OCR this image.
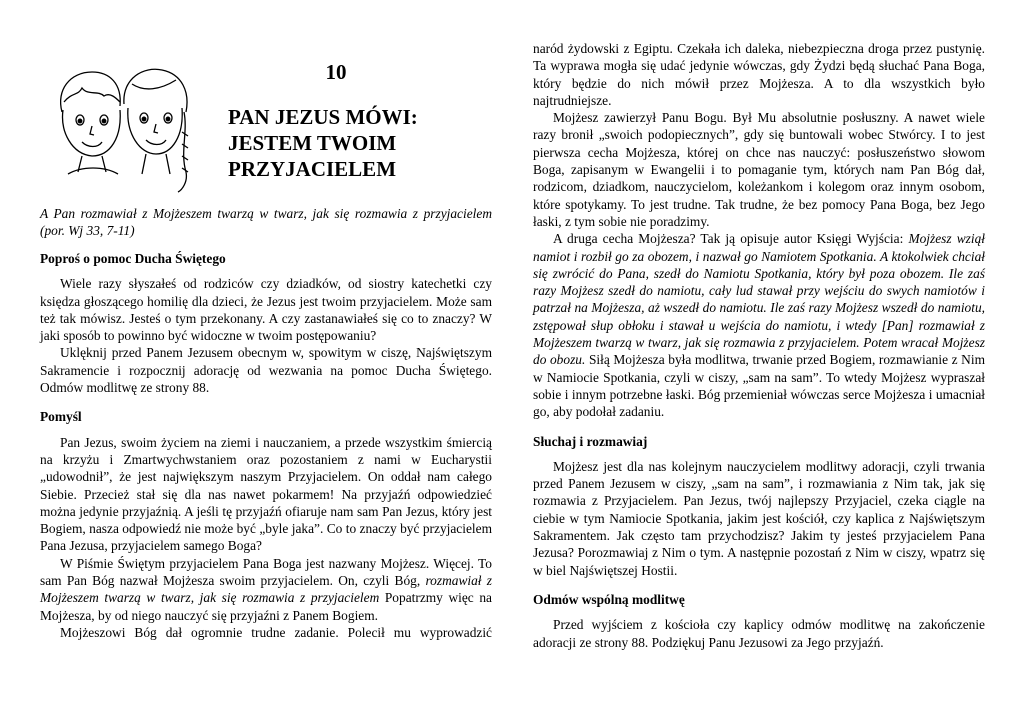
10
PAN JEZUS MÓWI:
JESTEM TWOIM
PRZYJACIELEM
A Pan rozmawiał z Mojżeszem twarzą w twarz, jak się rozmawia z przyjacielem (por. Wj 33, 7-11)
Poproś o pomoc Ducha Świętego

Wiele razy słyszałeś od rodziców czy dziadków, od siostry katechetki czy księdza głoszącego homilię dla dzieci, że Jezus jest twoim przyjacielem. Może sam też tak mówisz. Jesteś o tym przekonany. A czy zastanawiałeś się co to znaczy? W jaki sposób to powinno być widoczne w twoim postępowaniu?

Uklęknij przed Panem Jezusem obecnym w, spowitym w ciszę, Najświętszym Sakramencie i rozpocznij adorację od wezwania na pomoc Ducha Świętego. Odmów modlitwę ze strony 88.

Pomyśl

Pan Jezus, swoim życiem na ziemi i nauczaniem, a przede wszystkim śmiercią na krzyżu i Zmartwychwstaniem oraz pozostaniem z nami w Eucharystii „udowodnił”, że jest największym naszym Przyjacielem. On oddał nam całego Siebie. Przecież stał się dla nas nawet pokarmem! Na przyjaźń odpowiedzieć można jedynie przyjaźnią. A jeśli tę przyjaźń ofiaruje nam sam Pan Jezus, który jest Bogiem, nasza odpowiedź nie może być „byle jaka”. Co to znaczy być przyjacielem Pana Jezusa, przyjacielem samego Boga?

W Piśmie Świętym przyjacielem Pana Boga jest nazwany Mojżesz. Więcej. To sam Pan Bóg nazwał Mojżesza swoim przyjacielem. On, czyli Bóg, rozmawiał z Mojżeszem twarzą w twarz, jak się rozmawia z przyjacielem Popatrzmy więc na Mojżesza, by od niego nauczyć się przyjaźni z Panem Bogiem.

Mojżeszowi Bóg dał ogromnie trudne zadanie. Polecił mu wyprowadzić

naród żydowski z Egiptu. Czekała ich daleka, niebezpieczna droga przez pustynię. Ta wyprawa mogła się udać jedynie wówczas, gdy Żydzi będą słuchać Pana Boga, który będzie do nich mówił przez Mojżesza. A to dla wszystkich było najtrudniejsze.

Mojżesz zawierzył Panu Bogu. Był Mu absolutnie posłuszny. A nawet wiele razy bronił „swoich podopiecznych”, gdy się buntowali wobec Stwórcy. I to jest pierwsza cecha Mojżesza, której on chce nas nauczyć: posłuszeństwo słowom Boga, zapisanym w Ewangelii i to pomaganie tym, których nam Pan Bóg dał, rodzicom, dziadkom, nauczycielom, koleżankom i kolegom oraz innym osobom, które spotykamy. To jest trudne. Tak trudne, że bez pomocy Pana Boga, bez Jego łaski, z tym sobie nie poradzimy.

A druga cecha Mojżesza? Tak ją opisuje autor Księgi Wyjścia: Mojżesz wziął namiot i rozbił go za obozem, i nazwał go Namiotem Spotkania. A ktokolwiek chciał się zwrócić do Pana, szedł do Namiotu Spotkania, który był poza obozem. Ile zaś razy Mojżesz szedł do namiotu, cały lud stawał przy wejściu do swych namiotów i patrzał na Mojżesza, aż wszedł do namiotu. Ile zaś razy Mojżesz wszedł do namiotu, zstępował słup obłoku i stawał u wejścia do namiotu, i wtedy [Pan] rozmawiał z Mojżeszem twarzą w twarz, jak się rozmawia z przyjacielem. Potem wracał Mojżesz do obozu. Siłą Mojżesza była modlitwa, trwanie przed Bogiem, rozmawianie z Nim w Namiocie Spotkania, czyli w ciszy, „sam na sam”. To wtedy Mojżesz wypraszał sobie i innym potrzebne łaski. Bóg przemieniał wówczas serce Mojżesza i umacniał go, aby podołał zadaniu.

Słuchaj i rozmawiaj

Mojżesz jest dla nas kolejnym nauczycielem modlitwy adoracji, czyli trwania przed Panem Jezusem w ciszy, „sam na sam”, i rozmawiania z Nim tak, jak się rozmawia z Przyjacielem. Pan Jezus, twój najlepszy Przyjaciel, czeka ciągle na ciebie w tym Namiocie Spotkania, jakim jest kościół, czy kaplica z Najświętszym Sakramentem. Jak często tam przychodzisz? Jakim ty jesteś przyjacielem Pana Jezusa? Porozmawiaj z Nim o tym. A następnie pozostań z Nim w ciszy, wpatrz się w biel Najświętszej Hostii.

Odmów wspólną modlitwę

Przed wyjściem z kościoła czy kaplicy odmów modlitwę na zakończenie adoracji ze strony 88. Podziękuj Panu Jezusowi za Jego przyjaźń.
